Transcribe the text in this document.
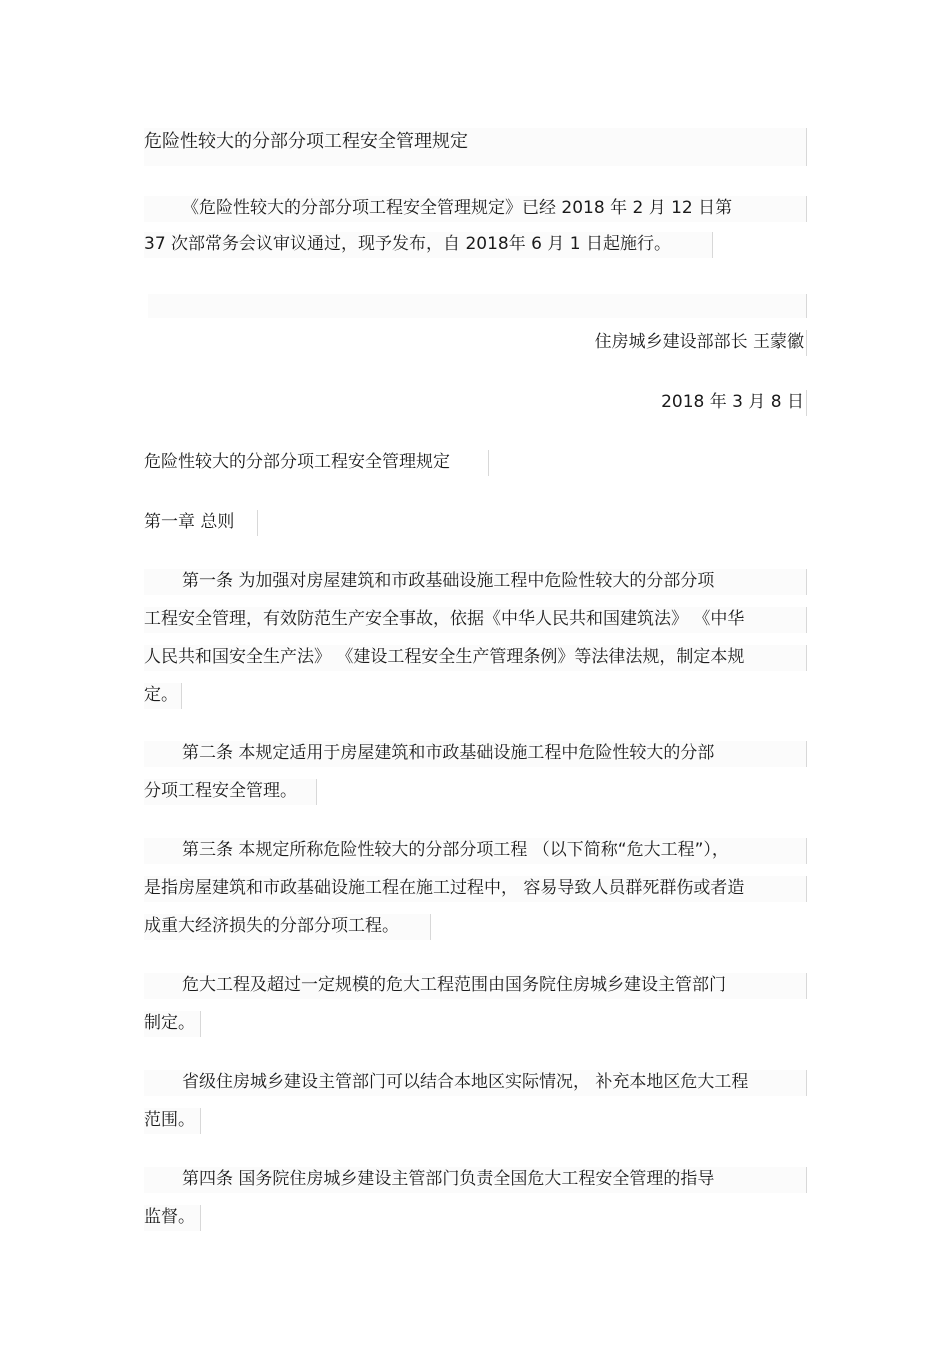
危险性较大的分部分项工程安全管理规定
《危险性较大的分部分项工程安全管理规定》已经 2018 年 2 月 12 日第
37 次部常务会议审议通过，现予发布，自 2018年 6 月 1 日起施行。
住房城乡建设部部长 王蒙徽
2018 年 3 月 8 日
危险性较大的分部分项工程安全管理规定
第一章 总则
第一条 为加强对房屋建筑和市政基础设施工程中危险性较大的分部分项
工程安全管理，有效防范生产安全事故，依据《中华人民共和国建筑法》 《中华
人民共和国安全生产法》 《建设工程安全生产管理条例》等法律法规，制定本规
定。
第二条 本规定适用于房屋建筑和市政基础设施工程中危险性较大的分部
分项工程安全管理。
第三条 本规定所称危险性较大的分部分项工程 （以下简称“危大工程”），
是指房屋建筑和市政基础设施工程在施工过程中， 容易导致人员群死群伤或者造
成重大经济损失的分部分项工程。
危大工程及超过一定规模的危大工程范围由国务院住房城乡建设主管部门
制定。
省级住房城乡建设主管部门可以结合本地区实际情况， 补充本地区危大工程
范围。
第四条 国务院住房城乡建设主管部门负责全国危大工程安全管理的指导
监督。
